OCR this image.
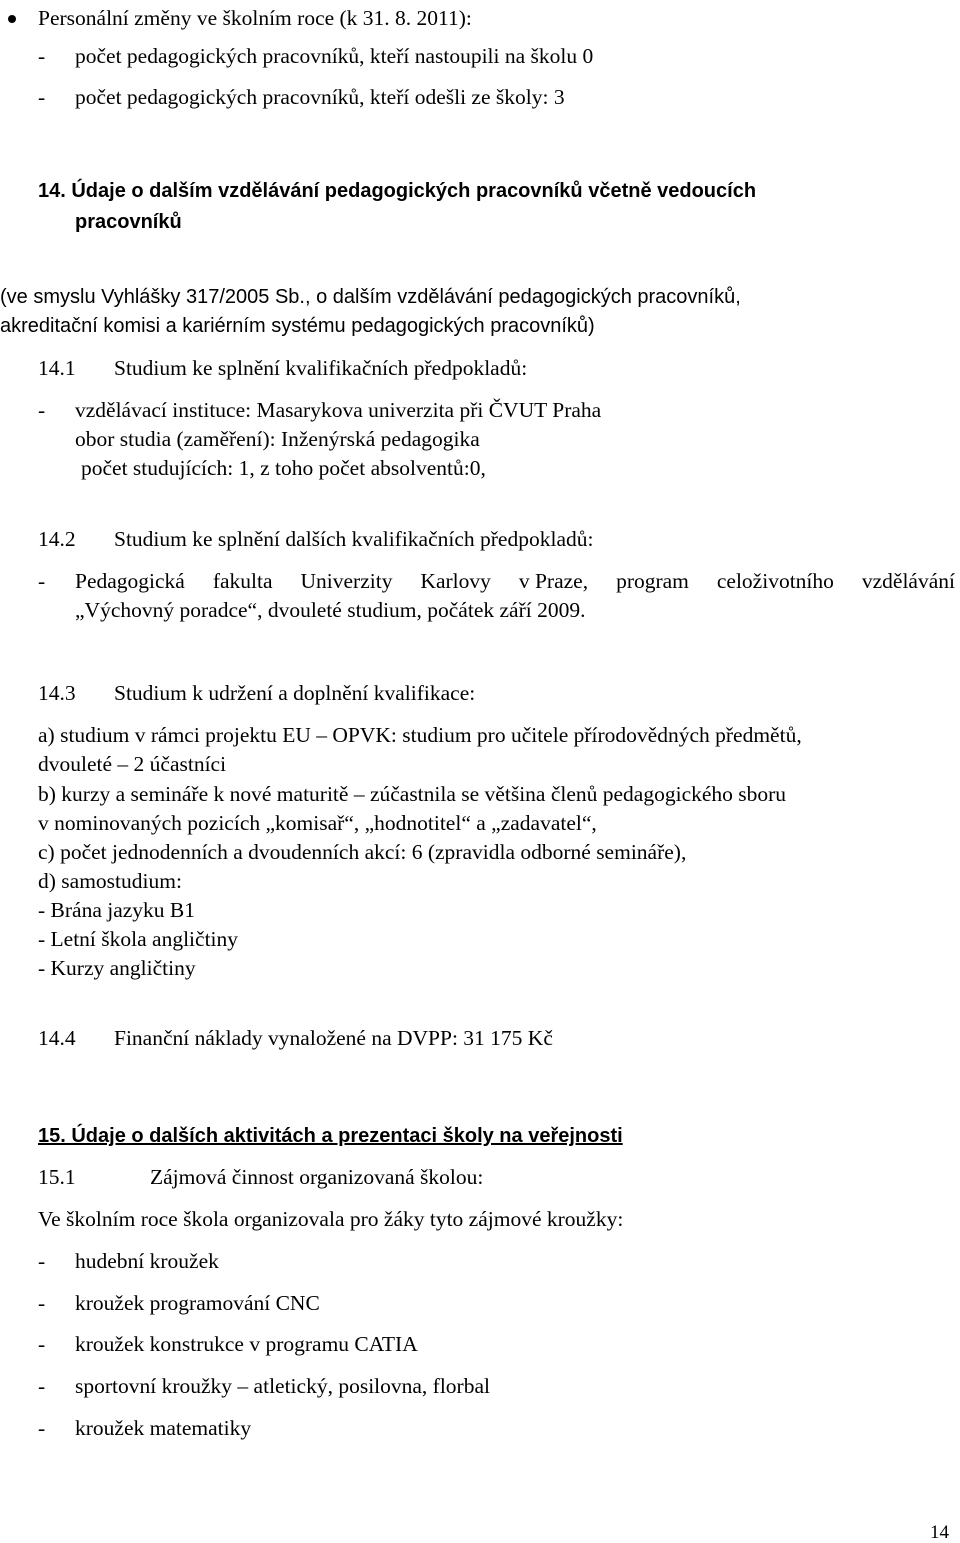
Personální změny ve školním roce (k 31. 8. 2011):
- počet pedagogických pracovníků, kteří nastoupili na školu 0
- počet pedagogických pracovníků, kteří odešli ze školy: 3
14. Údaje o dalším vzdělávání pedagogických pracovníků včetně vedoucích
pracovníků
(ve smyslu Vyhlášky 317/2005 Sb., o dalším vzdělávání pedagogických pracovníků,
akreditační komisi a kariérním systému pedagogických pracovníků)
14.1 Studium ke splnění kvalifikačních předpokladů:
- vzdělávací instituce: Masarykova univerzita při ČVUT Praha
obor studia (zaměření): Inženýrská pedagogika
počet studujících: 1, z toho počet absolventů:0,
14.2 Studium ke splnění dalších kvalifikačních předpokladů:
- Pedagogická fakulta Univerzity Karlovy v Praze, program celoživotního vzdělávání
„Výchovný poradce“, dvouleté studium, počátek září 2009.
14.3 Studium k udržení a doplnění kvalifikace:
a) studium v rámci projektu EU – OPVK: studium pro učitele přírodovědných předmětů,
dvouleté – 2 účastníci
b) kurzy a semináře k nové maturitě – zúčastnila se většina členů pedagogického sboru
v nominovaných pozicích „komisař“, „hodnotitel“ a „zadavatel“,
c) počet jednodenních a dvoudenních akcí: 6 (zpravidla odborné semináře),
d) samostudium:
- Brána jazyku B1
- Letní škola angličtiny
- Kurzy angličtiny
14.4 Finanční náklady vynaložené na DVPP: 31 175 Kč
15. Údaje o dalších aktivitách a prezentaci školy na veřejnosti
15.1	Zájmová činnost organizovaná školou:
Ve školním roce škola organizovala pro žáky tyto zájmové kroužky:
- hudební kroužek
- kroužek programování CNC
- kroužek konstrukce v programu CATIA
- sportovní kroužky – atletický, posilovna, florbal
- kroužek matematiky
14
